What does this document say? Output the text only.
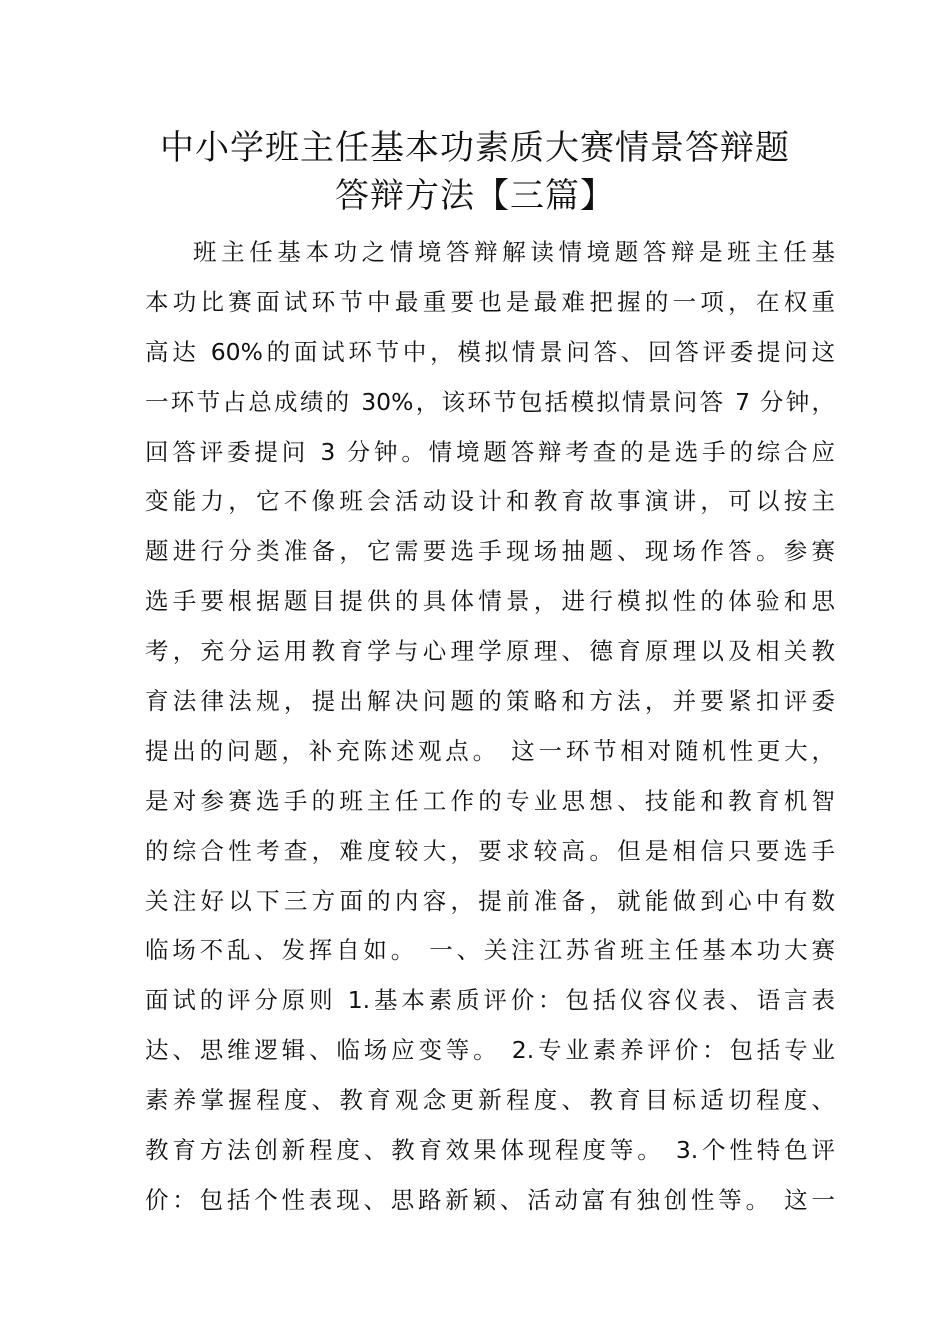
中小学班主任基本功素质大赛情景答辩题
答辩方法【三篇】
班主任基本功之情境答辩解读情境题答辩是班主任基
本功比赛面试环节中最重要也是最难把握的一项，在权重
高达 60%的面试环节中，模拟情景问答、回答评委提问这
一环节占总成绩的 30%，该环节包括模拟情景问答 7 分钟，
回答评委提问 3 分钟。情境题答辩考查的是选手的综合应
变能力，它不像班会活动设计和教育故事演讲，可以按主
题进行分类准备，它需要选手现场抽题、现场作答。参赛
选手要根据题目提供的具体情景，进行模拟性的体验和思
考，充分运用教育学与心理学原理、德育原理以及相关教
育法律法规，提出解决问题的策略和方法，并要紧扣评委
提出的问题，补充陈述观点。 这一环节相对随机性更大，
是对参赛选手的班主任工作的专业思想、技能和教育机智
的综合性考查，难度较大，要求较高。但是相信只要选手
关注好以下三方面的内容，提前准备，就能做到心中有数
临场不乱、发挥自如。 一、关注江苏省班主任基本功大赛
面试的评分原则 1.基本素质评价：包括仪容仪表、语言表
达、思维逻辑、临场应变等。 2.专业素养评价：包括专业
素养掌握程度、教育观念更新程度、教育目标适切程度、
教育方法创新程度、教育效果体现程度等。 3.个性特色评
价：包括个性表现、思路新颖、活动富有独创性等。 这一
